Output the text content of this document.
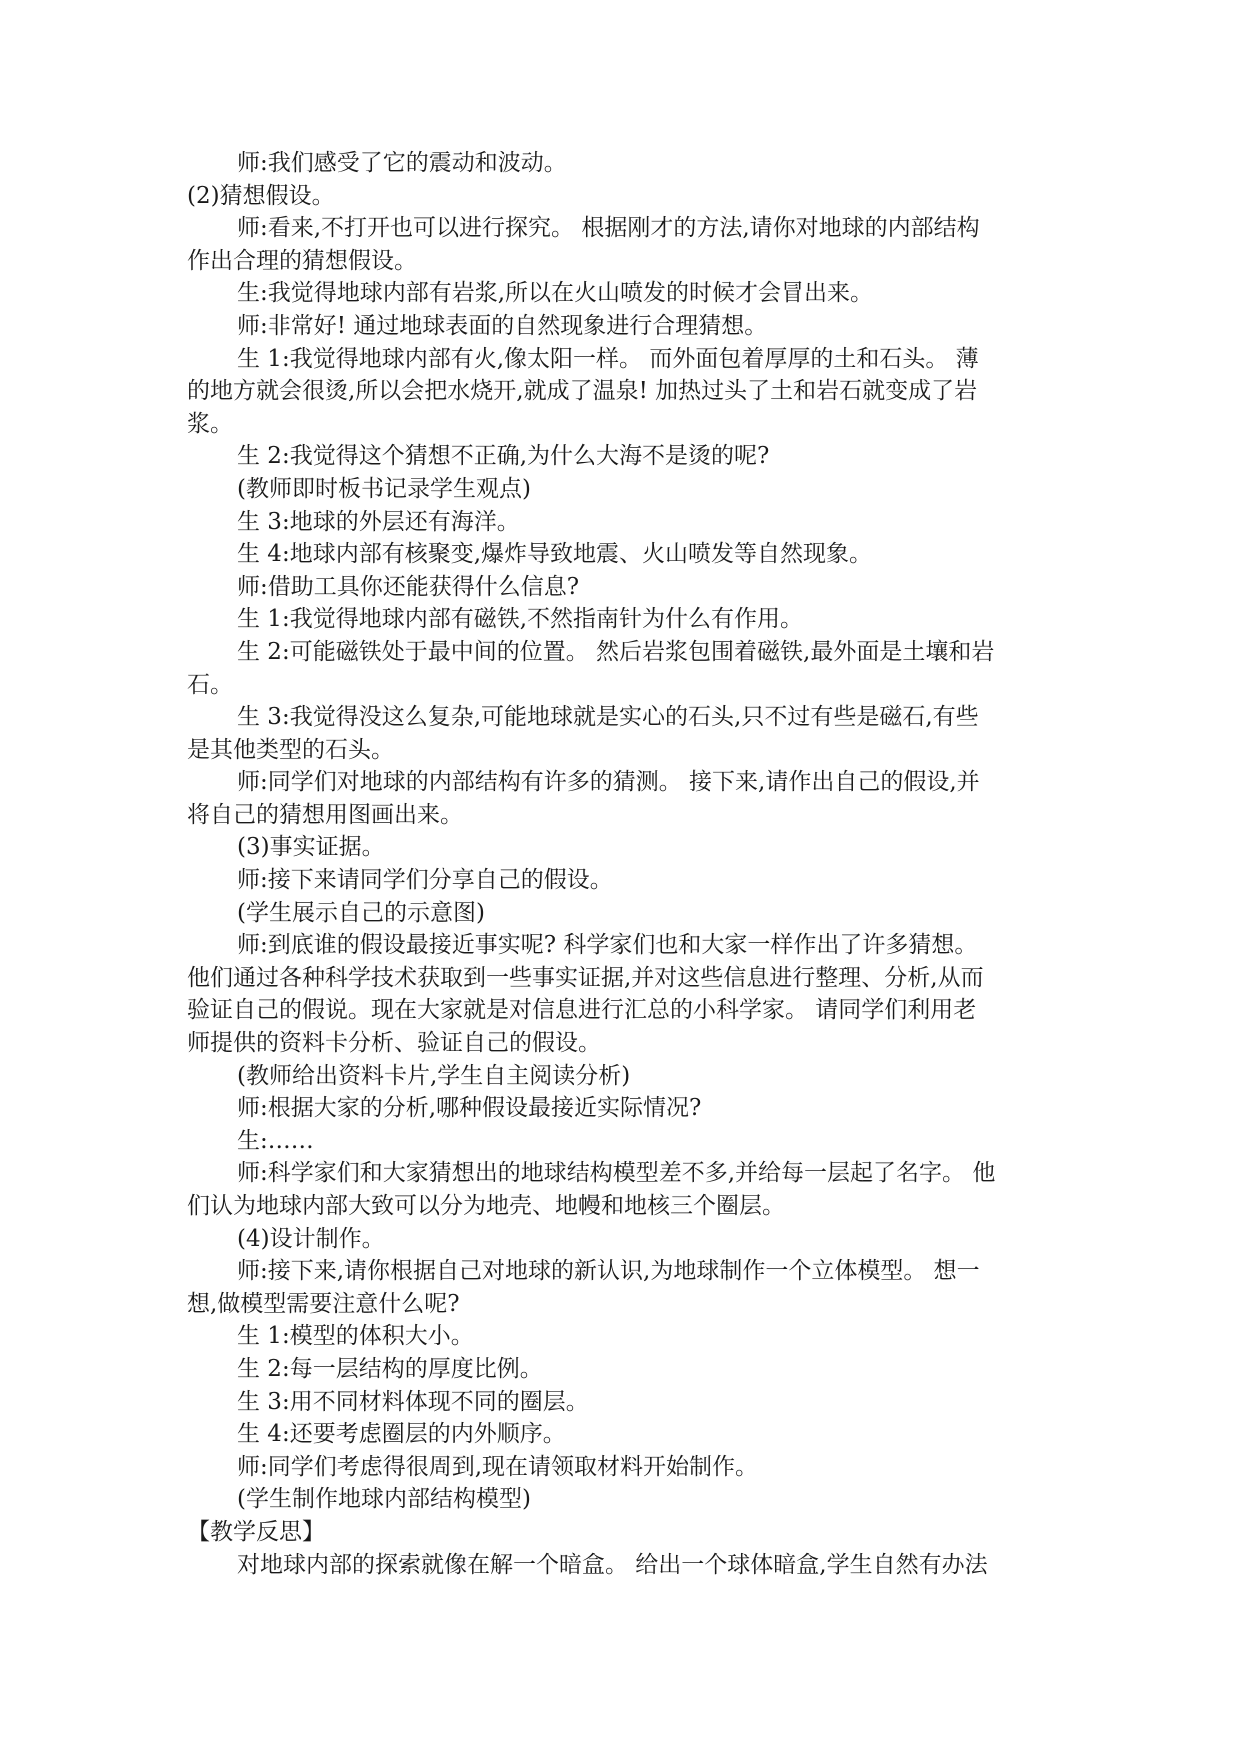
师:我们感受了它的震动和波动。
(2)猜想假设。
师:看来,不打开也可以进行探究。 根据刚才的方法,请你对地球的内部结构
作出合理的猜想假设。
生:我觉得地球内部有岩浆,所以在火山喷发的时候才会冒出来。
师:非常好! 通过地球表面的自然现象进行合理猜想。
生 1:我觉得地球内部有火,像太阳一样。 而外面包着厚厚的土和石头。 薄
的地方就会很烫,所以会把水烧开,就成了温泉! 加热过头了土和岩石就变成了岩
浆。
生 2:我觉得这个猜想不正确,为什么大海不是烫的呢?
(教师即时板书记录学生观点)
生 3:地球的外层还有海洋。
生 4:地球内部有核聚变,爆炸导致地震、火山喷发等自然现象。
师:借助工具你还能获得什么信息?
生 1:我觉得地球内部有磁铁,不然指南针为什么有作用。
生 2:可能磁铁处于最中间的位置。 然后岩浆包围着磁铁,最外面是土壤和岩
石。
生 3:我觉得没这么复杂,可能地球就是实心的石头,只不过有些是磁石,有些
是其他类型的石头。
师:同学们对地球的内部结构有许多的猜测。 接下来,请作出自己的假设,并
将自己的猜想用图画出来。
(3)事实证据。
师:接下来请同学们分享自己的假设。
(学生展示自己的示意图)
师:到底谁的假设最接近事实呢? 科学家们也和大家一样作出了许多猜想。
他们通过各种科学技术获取到一些事实证据,并对这些信息进行整理、分析,从而
验证自己的假说。现在大家就是对信息进行汇总的小科学家。 请同学们利用老
师提供的资料卡分析、验证自己的假设。
(教师给出资料卡片,学生自主阅读分析)
师:根据大家的分析,哪种假设最接近实际情况?
生:……
师:科学家们和大家猜想出的地球结构模型差不多,并给每一层起了名字。 他
们认为地球内部大致可以分为地壳、地幔和地核三个圈层。
(4)设计制作。
师:接下来,请你根据自己对地球的新认识,为地球制作一个立体模型。 想一
想,做模型需要注意什么呢?
生 1:模型的体积大小。
生 2:每一层结构的厚度比例。
生 3:用不同材料体现不同的圈层。
生 4:还要考虑圈层的内外顺序。
师:同学们考虑得很周到,现在请领取材料开始制作。
(学生制作地球内部结构模型)
【教学反思】
对地球内部的探索就像在解一个暗盒。 给出一个球体暗盒,学生自然有办法
